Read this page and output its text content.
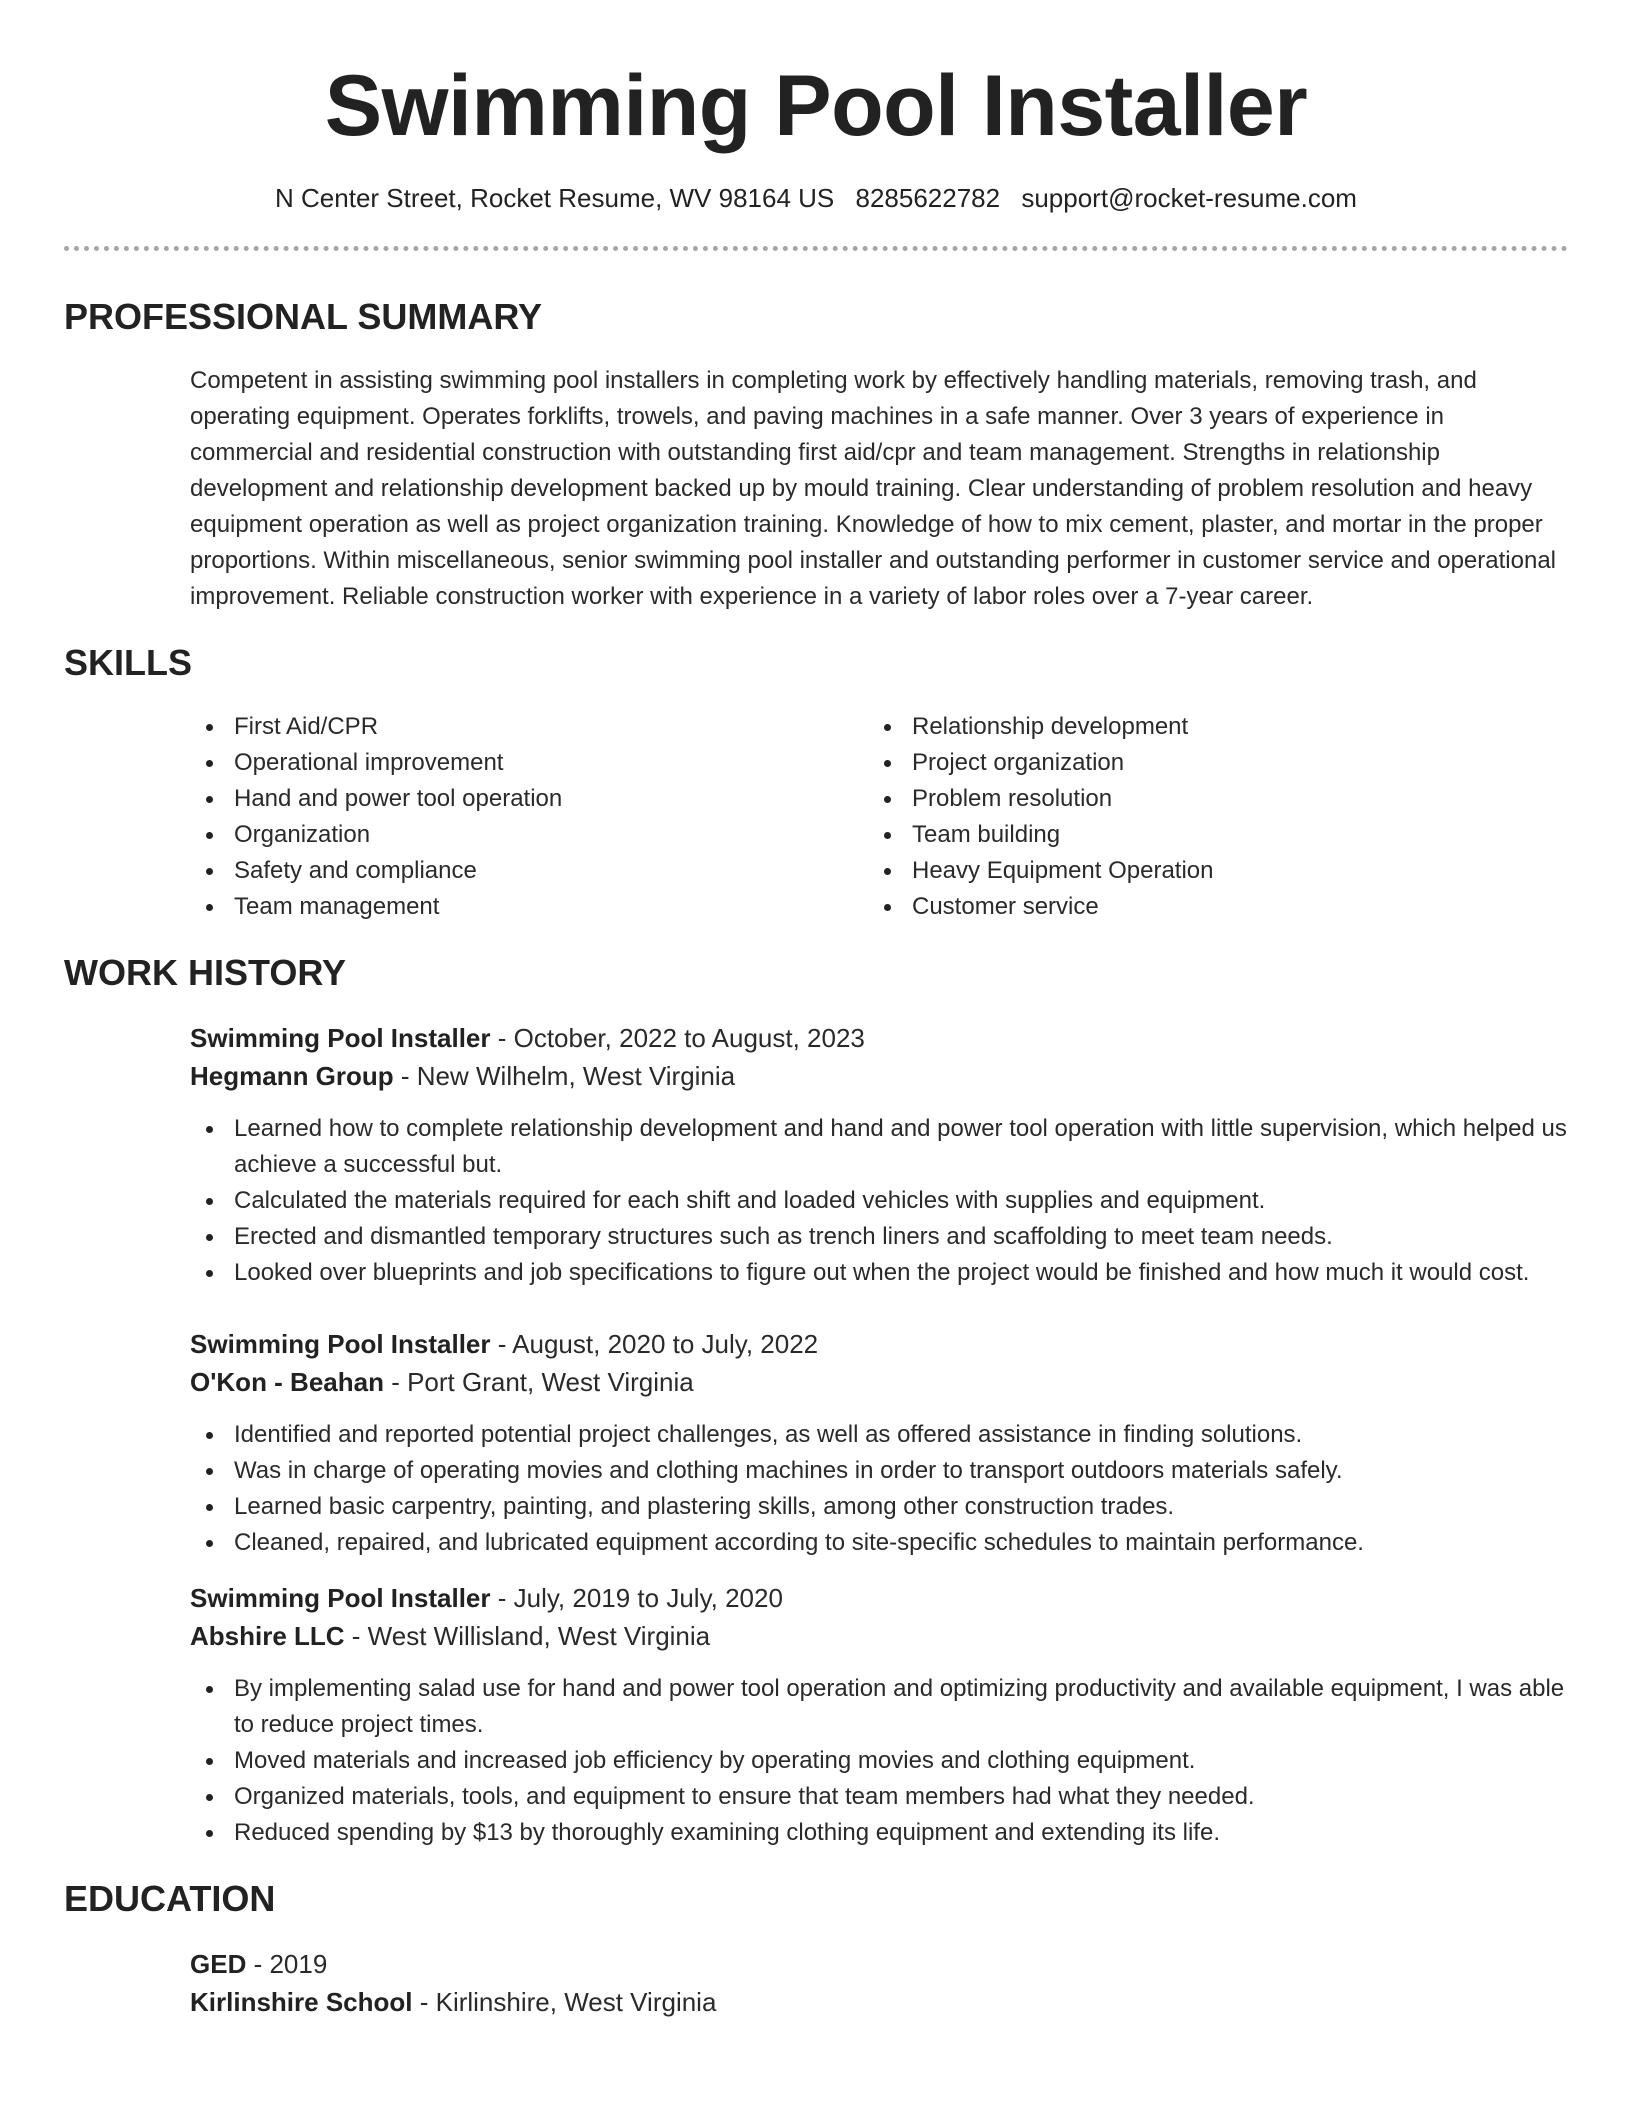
Swimming Pool Installer
N Center Street, Rocket Resume, WV 98164 US 8285622782 support@rocket-resume.com
PROFESSIONAL SUMMARY

Competent in assisting swimming pool installers in completing work by effectively handling materials, removing trash, and operating equipment. Operates forklifts, trowels, and paving machines in a safe manner. Over 3 years of experience in commercial and residential construction with outstanding first aid/cpr and team management. Strengths in relationship development and relationship development backed up by mould training. Clear understanding of problem resolution and heavy equipment operation as well as project organization training. Knowledge of how to mix cement, plaster, and mortar in the proper proportions. Within miscellaneous, senior swimming pool installer and outstanding performer in customer service and operational improvement. Reliable construction worker with experience in a variety of labor roles over a 7-year career.

SKILLS
First Aid/CPR
Operational improvement
Hand and power tool operation
Organization
Safety and compliance
Team management
Relationship development
Project organization
Problem resolution
Team building
Heavy Equipment Operation
Customer service
WORK HISTORY
Swimming Pool Installer - October, 2022 to August, 2023
Hegmann Group - New Wilhelm, West Virginia
Learned how to complete relationship development and hand and power tool operation with little supervision, which helped us achieve a successful but.
Calculated the materials required for each shift and loaded vehicles with supplies and equipment.
Erected and dismantled temporary structures such as trench liners and scaffolding to meet team needs.
Looked over blueprints and job specifications to figure out when the project would be finished and how much it would cost.
Swimming Pool Installer - August, 2020 to July, 2022
O'Kon - Beahan - Port Grant, West Virginia
Identified and reported potential project challenges, as well as offered assistance in finding solutions.
Was in charge of operating movies and clothing machines in order to transport outdoors materials safely.
Learned basic carpentry, painting, and plastering skills, among other construction trades.
Cleaned, repaired, and lubricated equipment according to site-specific schedules to maintain performance.
Swimming Pool Installer - July, 2019 to July, 2020
Abshire LLC - West Willisland, West Virginia
By implementing salad use for hand and power tool operation and optimizing productivity and available equipment, I was able to reduce project times.
Moved materials and increased job efficiency by operating movies and clothing equipment.
Organized materials, tools, and equipment to ensure that team members had what they needed.
Reduced spending by $13 by thoroughly examining clothing equipment and extending its life.
EDUCATION
GED - 2019
Kirlinshire School - Kirlinshire, West Virginia
